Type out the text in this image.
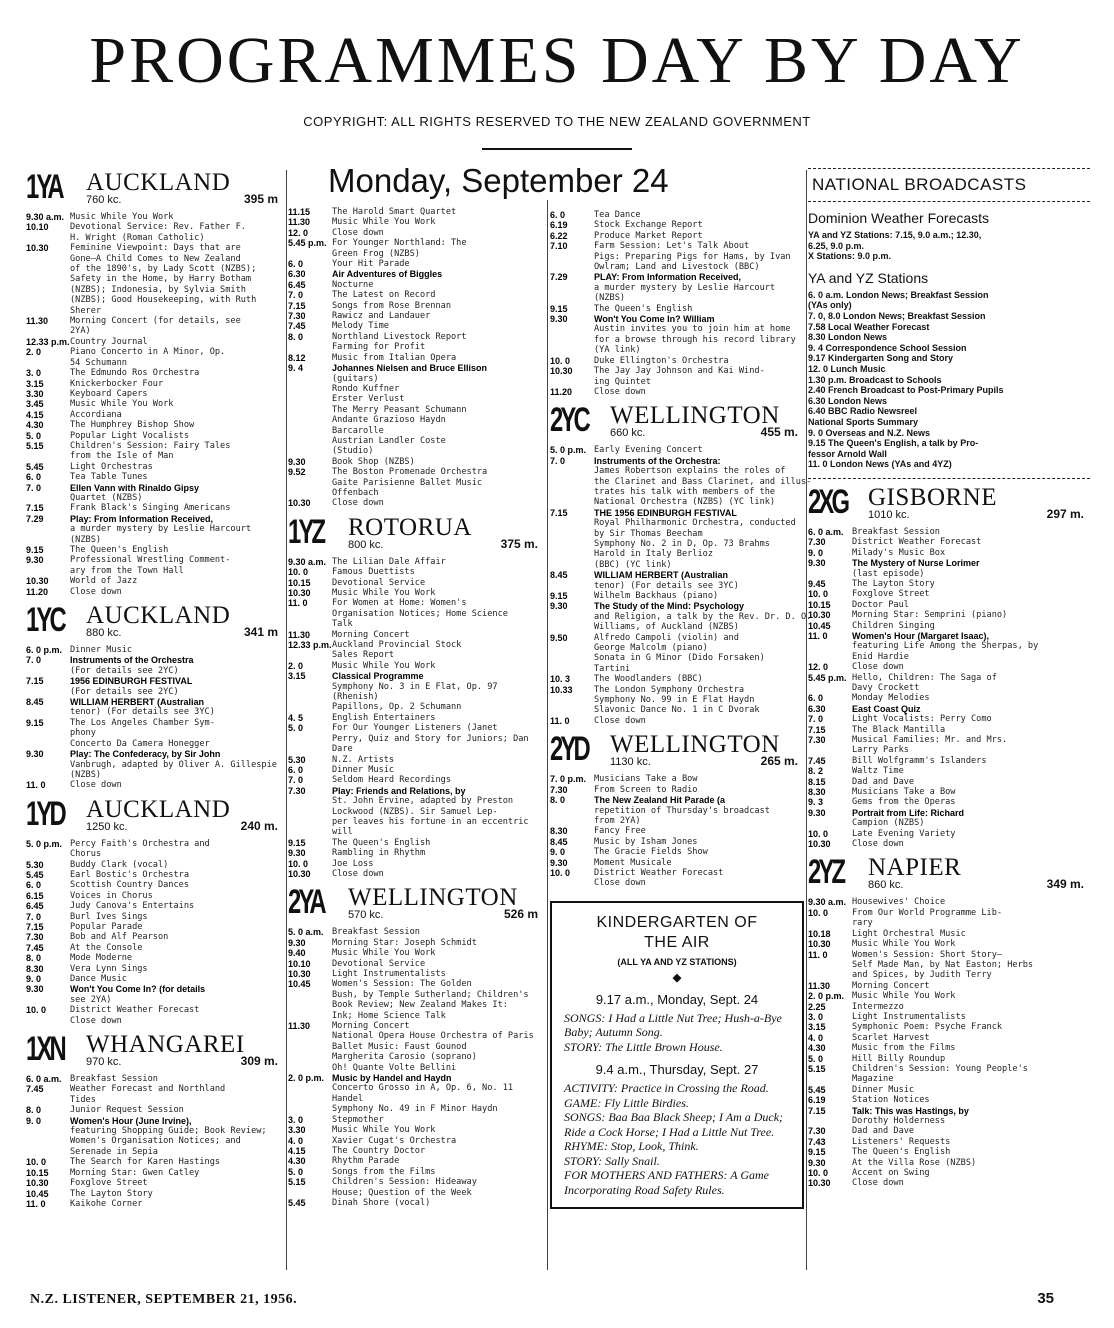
PROGRAMMES DAY BY DAY
COPYRIGHT: ALL RIGHTS RESERVED TO THE NEW ZEALAND GOVERNMENT
1YA AUCKLAND
760 kc.	395 m
9.30 a.m. Music While You Work
10.10	Devotional Service: Rev. Father F.
H. Wright (Roman Catholic)
10.30	Feminine Viewpoint: Days that are
Gone—A Child Comes to New Zealand
of the 1890's, by Lady Scott (NZBS);
Safety in the Home, by Harry Botham
(NZBS); Indonesia, by Sylvia Smith
(NZBS); Good Housekeeping, with Ruth
Sherer
11.30	Morning Concert (for details, see
2YA)
12.33 p.m. Country Journal
2. 0	Piano Concerto in A Minor, Op.
54 Schumann
3. 0	The Edmundo Ros Orchestra
3.15	Knickerbocker Four
3.30	Keyboard Capers
3.45	Music While You Work
4.15	Accordiana
4.30	The Humphrey Bishop Show
5. 0	Popular Light Vocalists
5.15	Children's Session: Fairy Tales
from the Isle of Man
5.45	Light Orchestras
6. 0	Tea Table Tunes
7. 0	Ellen Vann with Rinaldo Gipsy
Quartet (NZBS)
7.15	Frank Black's Singing Americans
7.29	Play: From Information Received,
a murder mystery by Leslie Harcourt
(NZBS)
9.15	The Queen's English
9.30	Professional Wrestling Comment-
ary from the Town Hall
10.30	World of Jazz
11.20	Close down
1YC AUCKLAND
880 kc.	341 m
6. 0 p.m. Dinner Music
7. 0	Instruments of the Orchestra
(For details see 2YC)
7.15	1956 EDINBURGH FESTIVAL
(For details see 2YC)
8.45	WILLIAM HERBERT (Australian
tenor) (For details see 3YC)
9.15	The Los Angeles Chamber Sym-
phony
Concerto Da Camera Honegger
9.30	Play: The Confederacy, by Sir John
Vanbrugh, adapted by Oliver A. Gillespie
(NZBS)
11. 0	Close down
1YD AUCKLAND
1250 kc.	240 m.
5. 0 p.m. Percy Faith's Orchestra and
Chorus
5.30	Buddy Clark (vocal)
5.45	Earl Bostic's Orchestra
6. 0	Scottish Country Dances
6.15	Voices in Chorus
6.45	Judy Canova's Entertains
7. 0	Burl Ives Sings
7.15	Popular Parade
7.30	Bob and Alf Pearson
7.45	At the Console
8. 0	Mode Moderne
8.30	Vera Lynn Sings
9. 0	Dance Music
9.30	Won't You Come In? (for details
see 2YA)
10. 0	District Weather Forecast
Close down
1XN WHANGAREI
970 kc.	309 m.
6. 0 a.m. Breakfast Session
7.45	Weather Forecast and Northland
Tides
8. 0	Junior Request Session
9. 0	Women's Hour (June Irvine),
featuring Shopping Guide; Book Review;
Women's Organisation Notices; and
Serenade in Sepia
10. 0	The Search for Karen Hastings
10.15	Morning Star: Gwen Catley
10.30	Foxglove Street
10.45	The Layton Story
11. 0	Kaikohe Corner
Monday, September 24
11.15	The Harold Smart Quartet
11.30	Music While You Work
12. 0	Close down
5.45 p.m. For Younger Northland: The
Green Frog (NZBS)
6. 0	Your Hit Parade
6.30	Air Adventures of Biggles
6.45	Nocturne
7. 0	The Latest on Record
7.15	Songs from Rose Brennan
7.30	Rawicz and Landauer
7.45	Melody Time
8. 0	Northland Livestock Report
Farming for Profit
8.12	Music from Italian Opera
9. 4	Johannes Nielsen and Bruce Ellison
(guitars)
Rondo Kuffner
Erster Verlust
The Merry Peasant Schumann
Andante Grazioso Haydn
Barcarolle
Austrian Landler Coste
(Studio)
9.30	Book Shop (NZBS)
9.52	The Boston Promenade Orchestra
Gaite Parisienne Ballet Music
Offenbach
10.30	Close down
1YZ ROTORUA
800 kc.	375 m.
9.30 a.m. The Lilian Dale Affair
10. 0	Famous Duettists
10.15	Devotional Service
10.30	Music While You Work
11. 0	For Women at Home: Women's
Organisation Notices; Home Science
Talk
11.30	Morning Concert
12.33 p.m. Auckland Provincial Stock
Sales Report
2. 0	Music While You Work
3.15	Classical Programme
Symphony No. 3 in E Flat, Op. 97
(Rhenish)
Papillons, Op. 2 Schumann
4. 5	English Entertainers
5. 0	For Our Younger Listeners (Janet
Perry, Quiz and Story for Juniors; Dan
Dare
5.30	N.Z. Artists
6. 0	Dinner Music
7. 0	Seldom Heard Recordings
7.30	Play: Friends and Relations, by
St. John Ervine, adapted by Preston
Lockwood (NZBS). Sir Samuel Lep-
per leaves his fortune in an eccentric
will
9.15	The Queen's English
9.30	Rambling in Rhythm
10. 0	Joe Loss
10.30	Close down
2YA WELLINGTON
570 kc.	526 m
5. 0 a.m. Breakfast Session
9.30	Morning Star: Joseph Schmidt
9.40	Music While You Work
10.10	Devotional Service
10.30	Light Instrumentalists
10.45	Women's Session: The Golden
Bush, by Temple Sutherland; Children's
Book Review; New Zealand Makes It:
Ink; Home Science Talk
11.30	Morning Concert
National Opera House Orchestra of Paris
Ballet Music: Faust Gounod
Margherita Carosio (soprano)
Oh! Quante Volte Bellini
2. 0 p.m. Music by Handel and Haydn
Concerto Grosso in A, Op. 6, No. 11
Handel
Symphony No. 49 in F Minor Haydn
3. 0	Stepmother
3.30	Music While You Work
4. 0	Xavier Cugat's Orchestra
4.15	The Country Doctor
4.30	Rhythm Parade
5. 0	Songs from the Films
5.15	Children's Session: Hideaway
House; Question of the Week
5.45	Dinah Shore (vocal)
6. 0	Tea Dance
6.19	Stock Exchange Report
6.22	Produce Market Report
7.10	Farm Session: Let's Talk About
Pigs: Preparing Pigs for Hams, by Ivan
Owlram; Land and Livestock (BBC)
7.29	PLAY: From Information Received,
a murder mystery by Leslie Harcourt
(NZBS)
9.15	The Queen's English
9.30	Won't You Come In? William
Austin invites you to join him at home
for a browse through his record library
(YA link)
10. 0	Duke Ellington's Orchestra
10.30	The Jay Jay Johnson and Kai Wind-
ing Quintet
11.20	Close down
2YC WELLINGTON
660 kc.	455 m.
5. 0 p.m. Early Evening Concert
7. 0	Instruments of the Orchestra:
James Robertson explains the roles of
the Clarinet and Bass Clarinet, and illus-
trates his talk with members of the
National Orchestra (NZBS) (YC link)
7.15	THE 1956 EDINBURGH FESTIVAL
Royal Philharmonic Orchestra, conducted
by Sir Thomas Beecham
Symphony No. 2 in D, Op. 73 Brahms
Harold in Italy Berlioz
(BBC) (YC link)
8.45	WILLIAM HERBERT (Australian
tenor) (For details see 3YC)
9.15	Wilhelm Backhaus (piano)
9.30	The Study of the Mind: Psychology
and Religion, a talk by the Rev. Dr. D. O.
Williams, of Auckland (NZBS)
9.50	Alfredo Campoli (violin) and
George Malcolm (piano)
Sonata in G Minor (Dido Forsaken)
Tartini
10. 3	The Woodlanders (BBC)
10.33	The London Symphony Orchestra
Symphony No. 99 in E Flat Haydn
Slavonic Dance No. 1 in C Dvorak
11. 0	Close down
2YD WELLINGTON
1130 kc.	265 m.
7. 0 p.m. Musicians Take a Bow
7.30	From Screen to Radio
8. 0	The New Zealand Hit Parade (a
repetition of Thursday's broadcast
from 2YA)
8.30	Fancy Free
8.45	Music by Isham Jones
9. 0	The Gracie Fields Show
9.30	Moment Musicale
10. 0	District Weather Forecast
Close down
KINDERGARTEN OF
THE AIR
(ALL YA AND YZ STATIONS)
◆
9.17 a.m., Monday, Sept. 24
SONGS: I Had a Little Nut Tree; Hush-a-Bye Baby; Autumn Song.
STORY: The Little Brown House.
9.4 a.m., Thursday, Sept. 27
ACTIVITY: Practice in Crossing the Road.
GAME: Fly Little Birdies.
SONGS: Baa Baa Black Sheep; I Am a Duck; Ride a Cock Horse; I Had a Little Nut Tree.
RHYME: Stop, Look, Think.
STORY: Sally Snail.
FOR MOTHERS AND FATHERS: A Game Incorporating Road Safety Rules.
NATIONAL BROADCASTS
Dominion Weather Forecasts
YA and YZ Stations: 7.15, 9.0 a.m.; 12.30,
6.25, 9.0 p.m.
X Stations: 9.0 p.m.
YA and YZ Stations
6. 0 a.m. London News; Breakfast Session
(YAs only)
7. 0, 8.0 London News; Breakfast Session
7.58 Local Weather Forecast
8.30 London News
9. 4 Correspondence School Session
9.17 Kindergarten Song and Story
12. 0 Lunch Music
1.30 p.m. Broadcast to Schools
2.40 French Broadcast to Post-Primary Pupils
6.30 London News
6.40 BBC Radio Newsreel
National Sports Summary
9. 0 Overseas and N.Z. News
9.15 The Queen's English, a talk by Pro-
fessor Arnold Wall
11. 0 London News (YAs and 4YZ)
2XG GISBORNE
1010 kc.	297 m.
6. 0 a.m. Breakfast Session
7.30	District Weather Forecast
9. 0	Milady's Music Box
9.30	The Mystery of Nurse Lorimer
(last episode)
9.45	The Layton Story
10. 0	Foxglove Street
10.15	Doctor Paul
10.30	Morning Star: Semprini (piano)
10.45	Children Singing
11. 0	Women's Hour (Margaret Isaac),
featuring Life Among the Sherpas, by
Enid Hardie
12. 0	Close down
5.45 p.m. Hello, Children: The Saga of
Davy Crockett
6. 0	Monday Melodies
6.30	East Coast Quiz
7. 0	Light Vocalists: Perry Como
7.15	The Black Mantilla
7.30	Musical Families: Mr. and Mrs.
Larry Parks
7.45	Bill Wolfgramm's Islanders
8. 2	Waltz Time
8.15	Dad and Dave
8.30	Musicians Take a Bow
9. 3	Gems from the Operas
9.30	Portrait from Life: Richard
Campion (NZBS)
10. 0	Late Evening Variety
10.30	Close down
2YZ NAPIER
860 kc.	349 m.
9.30 a.m. Housewives' Choice
10. 0	From Our World Programme Lib-
rary
10.18	Light Orchestral Music
10.30	Music While You Work
11. 0	Women's Session: Short Story—
Self Made Man, by Nat Easton; Herbs
and Spices, by Judith Terry
11.30	Morning Concert
2. 0 p.m. Music While You Work
2.25	Intermezzo
3. 0	Light Instrumentalists
3.15	Symphonic Poem: Psyche Franck
4. 0	Scarlet Harvest
4.30	Music from the Films
5. 0	Hill Billy Roundup
5.15	Children's Session: Young People's
Magazine
5.45	Dinner Music
6.19	Station Notices
7.15	Talk: This was Hastings, by
Dorothy Holderness
7.30	Dad and Dave
7.43	Listeners' Requests
9.15	The Queen's English
9.30	At the Villa Rose (NZBS)
10. 0	Accent on Swing
10.30	Close down
N.Z. LISTENER, SEPTEMBER 21, 1956.	35
